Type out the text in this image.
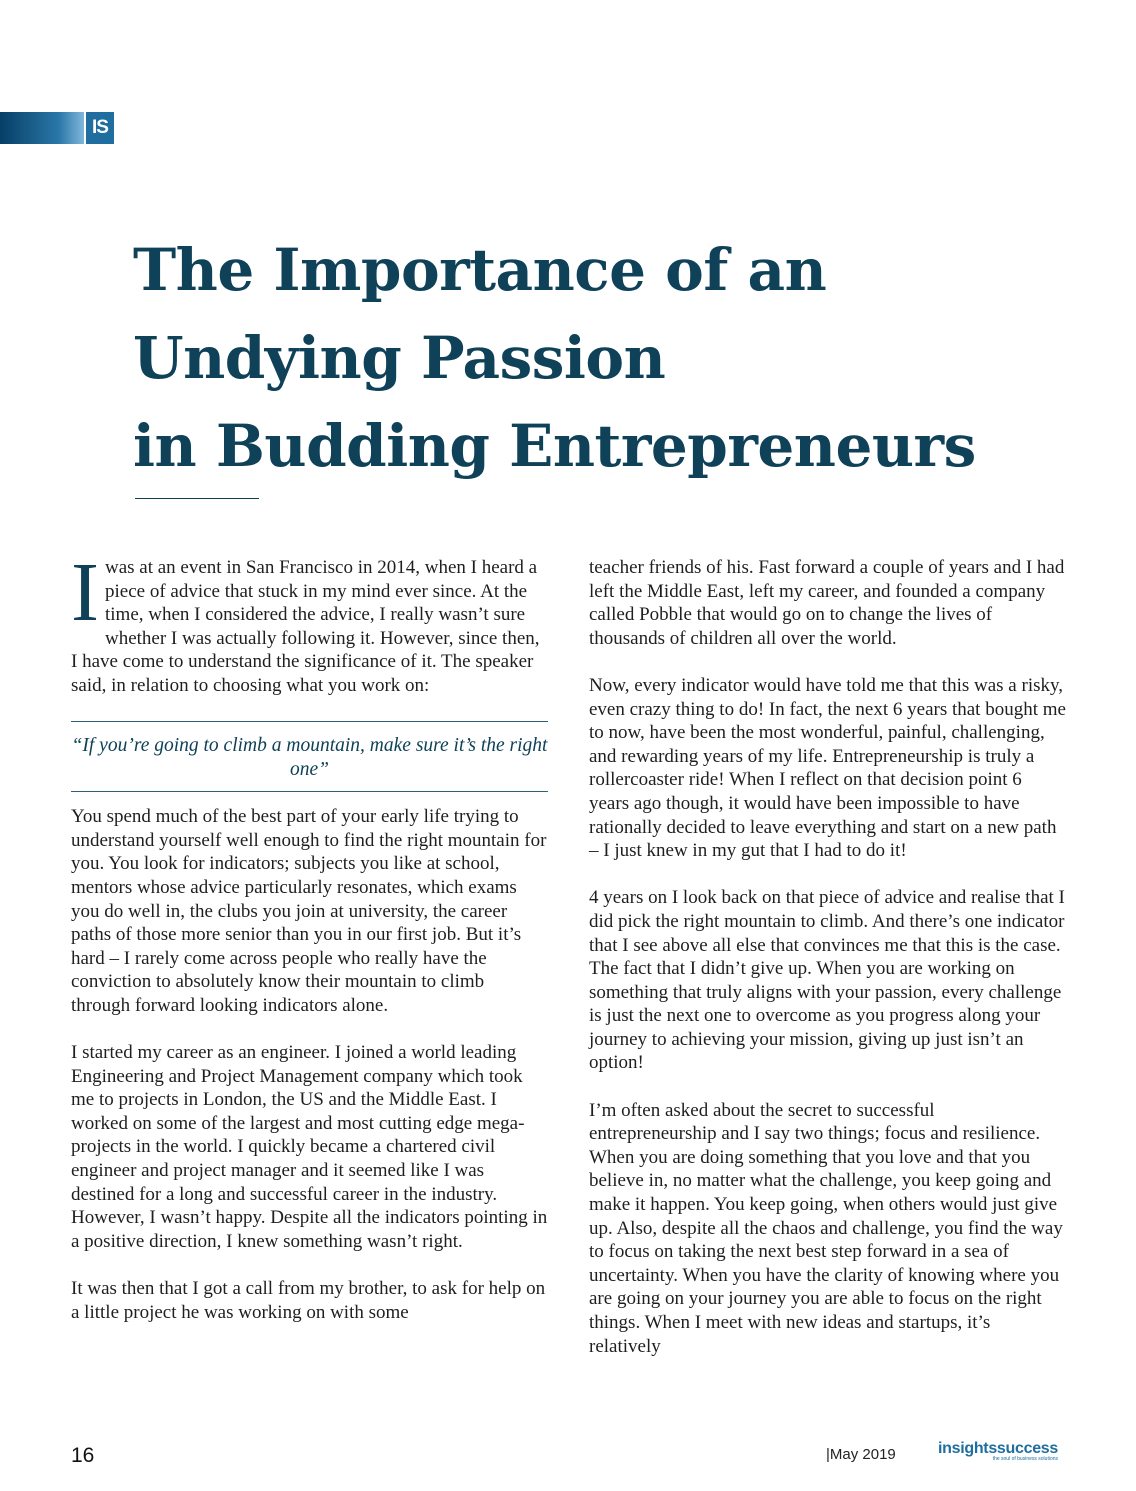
IS
The Importance of an
Undying Passion
in Budding Entrepreneurs

I was at an event in San Francisco in 2014, when I heard a piece of advice that stuck in my mind ever since. At the time, when I considered the advice, I really wasn’t sure whether I was actually following it. However, since then, I have come to understand the significance of it. The speaker said, in relation to choosing what you work on:

“If you’re going to climb a mountain, make sure it’s the right one”

You spend much of the best part of your early life trying to understand yourself well enough to find the right mountain for you. You look for indicators; subjects you like at school, mentors whose advice particularly resonates, which exams you do well in, the clubs you join at university, the career paths of those more senior than you in our first job. But it’s hard – I rarely come across people who really have the conviction to absolutely know their mountain to climb through forward looking indicators alone.

I started my career as an engineer. I joined a world leading Engineering and Project Management company which took me to projects in London, the US and the Middle East. I worked on some of the largest and most cutting edge mega-projects in the world. I quickly became a chartered civil engineer and project manager and it seemed like I was destined for a long and successful career in the industry. However, I wasn’t happy. Despite all the indicators pointing in a positive direction, I knew something wasn’t right.

It was then that I got a call from my brother, to ask for help on a little project he was working on with some

teacher friends of his. Fast forward a couple of years and I had left the Middle East, left my career, and founded a company called Pobble that would go on to change the lives of thousands of children all over the world.

Now, every indicator would have told me that this was a risky, even crazy thing to do! In fact, the next 6 years that bought me to now, have been the most wonderful, painful, challenging, and rewarding years of my life. Entrepreneurship is truly a rollercoaster ride! When I reflect on that decision point 6 years ago though, it would have been impossible to have rationally decided to leave everything and start on a new path – I just knew in my gut that I had to do it!

4 years on I look back on that piece of advice and realise that I did pick the right mountain to climb. And there’s one indicator that I see above all else that convinces me that this is the case. The fact that I didn’t give up. When you are working on something that truly aligns with your passion, every challenge is just the next one to overcome as you progress along your journey to achieving your mission, giving up just isn’t an option!

I’m often asked about the secret to successful entrepreneurship and I say two things; focus and resilience. When you are doing something that you love and that you believe in, no matter what the challenge, you keep going and make it happen. You keep going, when others would just give up. Also, despite all the chaos and challenge, you find the way to focus on taking the next best step forward in a sea of uncertainty. When you have the clarity of knowing where you are going on your journey you are able to focus on the right things. When I meet with new ideas and startups, it’s relatively

16	|May 2019	insightssuccess
the soul of business solutions
